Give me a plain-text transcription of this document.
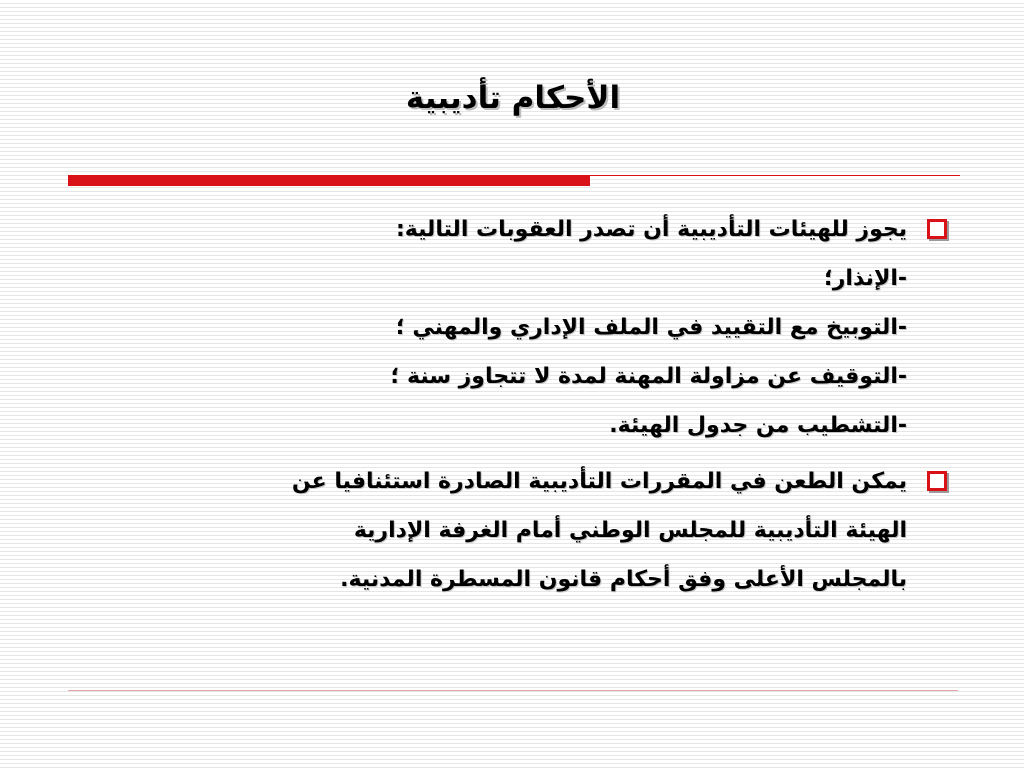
الأحكام تأديبية
يجوز للهيئات التأديبية أن تصدر العقوبات التالية:
-الإنذار؛
-التوبيخ مع التقييد في الملف الإداري والمهني ؛
-التوقيف عن مزاولة المهنة لمدة لا تتجاوز سنة ؛
-التشطيب من جدول الهيئة.
يمكن الطعن في المقررات التأديبية الصادرة استئنافيا عن
الهيئة التأديبية للمجلس الوطني أمام الغرفة الإدارية
بالمجلس الأعلى وفق أحكام قانون المسطرة المدنية.
